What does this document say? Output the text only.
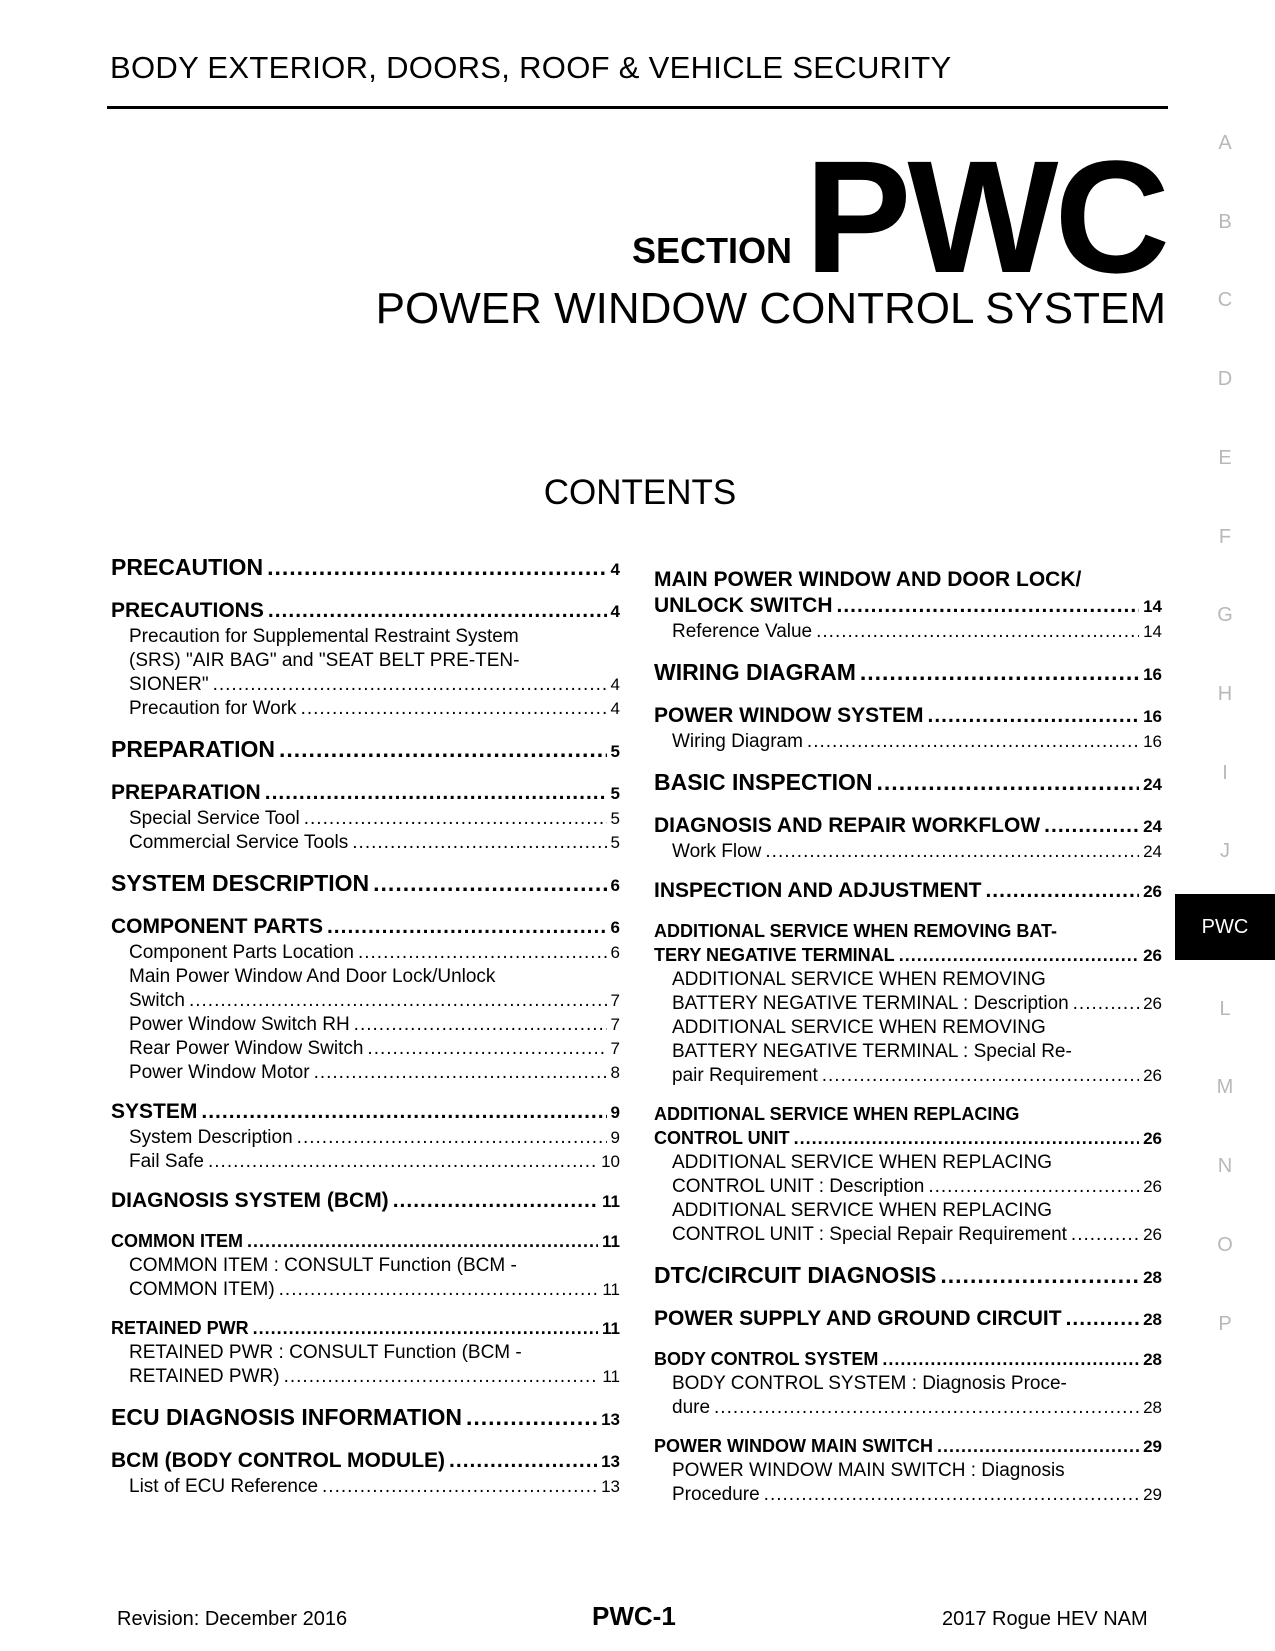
BODY EXTERIOR, DOORS, ROOF & VEHICLE SECURITY
SECTION PWC
POWER WINDOW CONTROL SYSTEM
CONTENTS
A
B
C
D
E
F
G
H
I
J
PWC
L
M
N
O
P
PRECAUTION .....	4
PRECAUTIONS .....	4
Precaution for Supplemental Restraint System
(SRS) "AIR BAG" and "SEAT BELT PRE-TEN-
SIONER" .....	4
Precaution for Work .....	4
PREPARATION .....	5
PREPARATION .....	5
Special Service Tool .....	5
Commercial Service Tools .....	5
SYSTEM DESCRIPTION .....	6
COMPONENT PARTS .....	6
Component Parts Location .....	6
Main Power Window And Door Lock/Unlock
Switch .....	7
Power Window Switch RH .....	7
Rear Power Window Switch .....	7
Power Window Motor .....	8
SYSTEM .....	9
System Description .....	9
Fail Safe .....	10
DIAGNOSIS SYSTEM (BCM) .....	11
COMMON ITEM .....	11
COMMON ITEM : CONSULT Function (BCM -
COMMON ITEM) .....	11
RETAINED PWR .....	11
RETAINED PWR : CONSULT Function (BCM -
RETAINED PWR) .....	11
ECU DIAGNOSIS INFORMATION .....	13
BCM (BODY CONTROL MODULE) .....	13
List of ECU Reference .....	13
MAIN POWER WINDOW AND DOOR LOCK/
UNLOCK SWITCH .....	14
Reference Value .....	14
WIRING DIAGRAM .....	16
POWER WINDOW SYSTEM .....	16
Wiring Diagram .....	16
BASIC INSPECTION .....	24
DIAGNOSIS AND REPAIR WORKFLOW .....	24
Work Flow .....	24
INSPECTION AND ADJUSTMENT .....	26
ADDITIONAL SERVICE WHEN REMOVING BAT-
TERY NEGATIVE TERMINAL .....	26
ADDITIONAL SERVICE WHEN REMOVING
BATTERY NEGATIVE TERMINAL : Description .....	26
ADDITIONAL SERVICE WHEN REMOVING
BATTERY NEGATIVE TERMINAL : Special Re-
pair Requirement .....	26
ADDITIONAL SERVICE WHEN REPLACING
CONTROL UNIT .....	26
ADDITIONAL SERVICE WHEN REPLACING
CONTROL UNIT : Description .....	26
ADDITIONAL SERVICE WHEN REPLACING
CONTROL UNIT : Special Repair Requirement .....	26
DTC/CIRCUIT DIAGNOSIS .....	28
POWER SUPPLY AND GROUND CIRCUIT .....	28
BODY CONTROL SYSTEM .....	28
BODY CONTROL SYSTEM : Diagnosis Proce-
dure .....	28
POWER WINDOW MAIN SWITCH .....	29
POWER WINDOW MAIN SWITCH : Diagnosis
Procedure .....	29
Revision: December 2016	PWC-1	2017 Rogue HEV NAM
